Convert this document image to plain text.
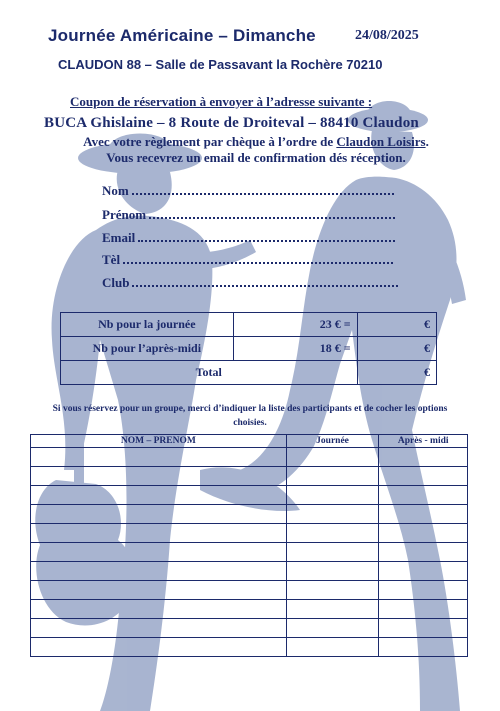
Journée Américaine – Dimanche	24/08/2025
CLAUDON 88 – Salle de Passavant la Rochère 70210
Coupon de réservation à envoyer à l’adresse suivante :
BUCA Ghislaine – 8 Route de Droiteval – 88410 Claudon
Avec votre règlement par chèque à l’ordre de Claudon Loisirs.
Vous recevrez un email de confirmation dés réception.
Nom
Prénom
Email
Tèl
Club
Nb pour la journée	23 € =	€
Nb pour l’après-midi	18 € =	€
Total		€
Si vous réservez pour un groupe, merci d’indiquer la liste des participants et de cocher les options choisies.
NOM – PRENOM	Journée	Après - midi
